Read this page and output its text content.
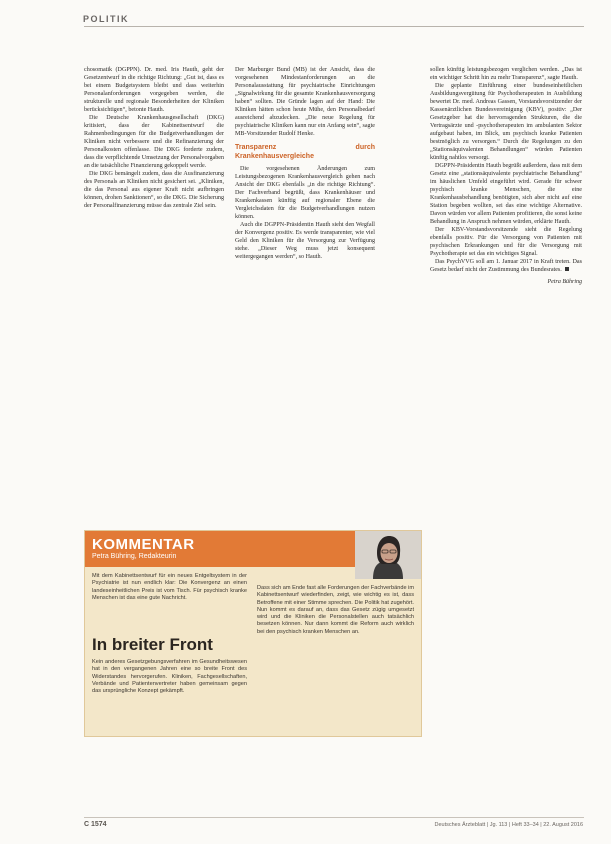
POLITIK

chosomatik (DGPPN). Dr. med. Iris Hauth, geht der Gesetzentwurf in die richtige Richtung: „Gut ist, dass es bei einem Budgetsystem bleibt und dass weiterhin Personalanforderungen vorgegeben werden, die strukturelle und regionale Besonderheiten der Kliniken berücksichtigen“, betonte Hauth.

Die Deutsche Krankenhausgesellschaft (DKG) kritisiert, dass der Kabinettsentwurf die Rahmenbedingungen für die Budgetverhandlungen der Kliniken nicht verbessere und die Refinanzierung der Personalkosten offenlasse. Die DKG forderte zudem, dass die verpflichtende Umsetzung der Personalvorgaben an die tatsächliche Finanzierung gekoppelt werde.

Die DKG bemängelt zudem, dass die Ausfinanzierung des Personals an Kliniken nicht gesichert sei. „Kliniken, die das Personal aus eigener Kraft nicht aufbringen können, drohen Sanktionen“, so die DKG. Die Sicherung der Personalfinanzierung müsse das zentrale Ziel sein.

Der Marburger Bund (MB) ist der Ansicht, dass die vorgesehenen Mindestanforderungen an die Personalausstattung für psychiatrische Einrichtungen „Signalwirkung für die gesamte Krankenhausversorgung haben“ sollten. Die Gründe lagen auf der Hand: Die Kliniken hätten schon heute Mühe, den Personalbedarf ausreichend abzudecken. „Die neue Regelung für psychiatrische Kliniken kann nur ein Anfang sein“, sagte MB-Vorsitzender Rudolf Henke.

Transparenz durch Krankenhausvergleiche

Die vorgesehenen Änderungen zum Leistungsbezogenen Krankenhausvergleich gehen nach Ansicht der DKG ebenfalls „in die richtige Richtung“. Der Fachverband begrüßt, dass Krankenhäuser und Krankenkassen künftig auf regionaler Ebene die Vergleichsdaten für die Budgetverhandlungen nutzen können.

Auch die DGPPN-Präsidentin Hauth sieht den Wegfall der Konvergenz positiv. Es werde transparenter, wie viel Geld den Kliniken für die Versorgung zur Verfügung stehe. „Dieser Weg muss jetzt konsequent weitergegangen werden“, so Hauth.

sollen künftig leistungsbezogen verglichen werden. „Das ist ein wichtiger Schritt hin zu mehr Transparenz“, sagte Hauth.

Die geplante Einführung einer bundeseinheitlichen Ausbildungsvergütung für Psychotherapeuten in Ausbildung bewertet Dr. med. Andreas Gassen, Vorstandsvorsitzender der Kassenärztlichen Bundesvereinigung (KBV), positiv: „Der Gesetzgeber hat die hervorragenden Strukturen, die die Vertragsärzte und -psychotherapeuten im ambulanten Sektor aufgebaut haben, im Blick, um psychisch kranke Patienten bestmöglich zu versorgen.“ Durch die Regelungen zu den „Stationsäquivalenten Behandlungen“ würden Patienten künftig nahtlos versorgt.

DGPPN-Präsidentin Hauth begrüßt außerdem, dass mit dem Gesetz eine „stationsäquivalente psychiatrische Behandlung“ im häuslichen Umfeld eingeführt wird. Gerade für schwer psychisch kranke Menschen, die eine Krankenhausbehandlung benötigten, sich aber nicht auf eine Station begeben wollten, sei das eine wichtige Alternative. Davon würden vor allem Patienten profitieren, die sonst keine Behandlung in Anspruch nehmen würden, erklärte Hauth.

Der KBV-Vorstandsvorsitzende sieht die Regelung ebenfalls positiv. Für die Versorgung von Patienten mit psychischen Erkrankungen und für die Versorgung mit Psychotherapie sei das ein wichtiges Signal.

Das PsychVVG soll am 1. Januar 2017 in Kraft treten. Das Gesetz bedarf nicht der Zustimmung des Bundesrates.

Petra Bühring
KOMMENTAR
Petra Bühring, Redakteurin
Mit dem Kabinettsentwurf für ein neues Entgeltsystem in der Psychiatrie ist nun endlich klar: Die Konvergenz an einen landeseinheitlichen Preis ist vom Tisch. Für psychisch kranke Menschen ist das eine gute Nachricht.
In breiter Front
Kein anderes Gesetzgebungsverfahren im Gesundheitswesen hat in den vergangenen Jahren eine so breite Front des Widerstandes hervorgerufen. Kliniken, Fachgesellschaften, Verbände und Patientenvertreter haben gemeinsam gegen das ursprüngliche Konzept gekämpft.
Dass sich am Ende fast alle Forderungen der Fachverbände im Kabinettsentwurf wiederfinden, zeigt, wie wichtig es ist, dass Betroffene mit einer Stimme sprechen. Die Politik hat zugehört. Nun kommt es darauf an, dass das Gesetz zügig umgesetzt wird und die Kliniken die Personalstellen auch tatsächlich besetzen können. Nur dann kommt die Reform auch wirklich bei den psychisch kranken Menschen an.
C 1574	Deutsches Ärzteblatt | Jg. 113 | Heft 33–34 | 22. August 2016
